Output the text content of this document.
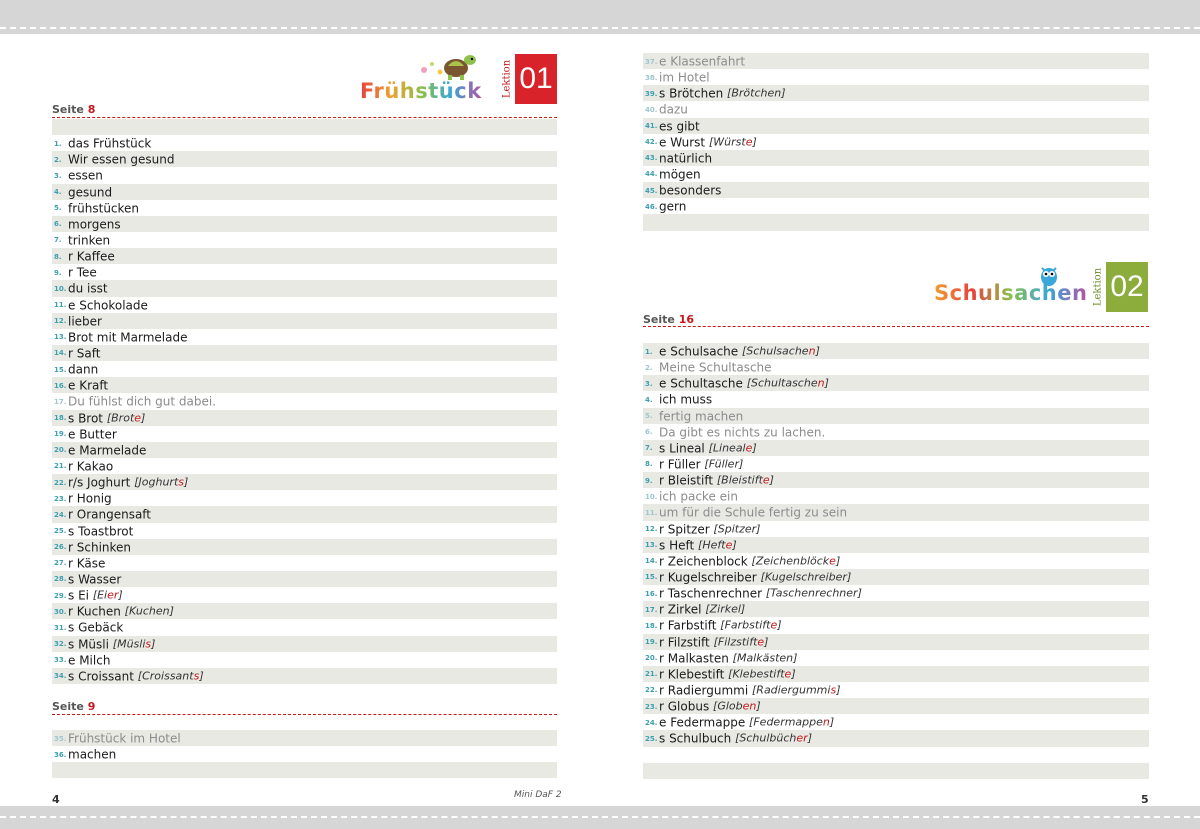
Frühstück Lektion 01
Seite 8
1. das Frühstück
2. Wir essen gesund
3. essen
4. gesund
5. frühstücken
6. morgens
7. trinken
8. r Kaffee
9. r Tee
10. du isst
11. e Schokolade
12. lieber
13. Brot mit Marmelade
14. r Saft
15. dann
16. e Kraft
17. Du fühlst dich gut dabei.
18. s Brot [Brote]
19. e Butter
20. e Marmelade
21. r Kakao
22. r/s Joghurt [Joghurts]
23. r Honig
24. r Orangensaft
25. s Toastbrot
26. r Schinken
27. r Käse
28. s Wasser
29. s Ei [Eier]
30. r Kuchen [Kuchen]
31. s Gebäck
32. s Müsli [Müslis]
33. e Milch
34. s Croissant [Croissants]
Seite 9
35. Frühstück im Hotel
36. machen
4	Mini DaF 2
37. e Klassenfahrt
38. im Hotel
39. s Brötchen [Brötchen]
40. dazu
41. es gibt
42. e Wurst [Würste]
43. natürlich
44. mögen
45. besonders
46. gern
Schulsachen Lektion 02
Seite 16
1. e Schulsache [Schulsachen]
2. Meine Schultasche
3. e Schultasche [Schultaschen]
4. ich muss
5. fertig machen
6. Da gibt es nichts zu lachen.
7. s Lineal [Lineale]
8. r Füller [Füller]
9. r Bleistift [Bleistifte]
10. ich packe ein
11. um für die Schule fertig zu sein
12. r Spitzer [Spitzer]
13. s Heft [Hefte]
14. r Zeichenblock [Zeichenblöcke]
15. r Kugelschreiber [Kugelschreiber]
16. r Taschenrechner [Taschenrechner]
17. r Zirkel [Zirkel]
18. r Farbstift [Farbstifte]
19. r Filzstift [Filzstifte]
20. r Malkasten [Malkästen]
21. r Klebestift [Klebestifte]
22. r Radiergummi [Radiergummis]
23. r Globus [Globen]
24. e Federmappe [Federmappen]
25. s Schulbuch [Schulbücher]
5
